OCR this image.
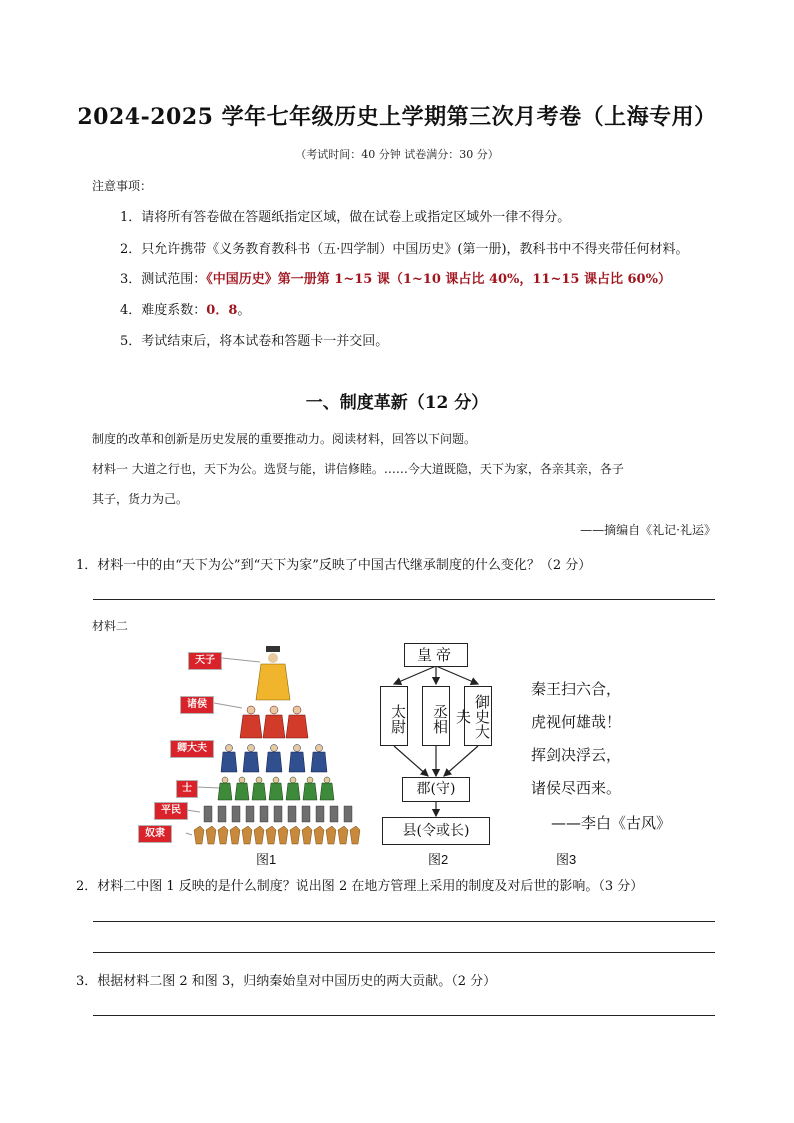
2024-2025 学年七年级历史上学期第三次月考卷（上海专用）
（考试时间：40 分钟 试卷满分：30 分）
注意事项：
1．请将所有答卷做在答题纸指定区域，做在试卷上或指定区域外一律不得分。
2．只允许携带《义务教育教科书（五·四学制）中国历史》(第一册)，教科书中不得夹带任何材料。
3．测试范围：《中国历史》第一册第 1~15 课（1~10 课占比 40%，11~15 课占比 60%）
4．难度系数：0．8。
5．考试结束后，将本试卷和答题卡一并交回。
一、制度革新（12 分）
制度的改革和创新是历史发展的重要推动力。阅读材料，回答以下问题。
材料一 大道之行也，天下为公。选贤与能，讲信修睦。……今大道既隐，天下为家，各亲其亲，各子
其子，货力为己。
——摘编自《礼记·礼运》
1．材料一中的由“天下为公”到“天下为家”反映了中国古代继承制度的什么变化？（2 分）
材料二
天子
诸侯
卿大夫
士
平民
奴隶
图1
皇帝
太尉	丞相	御史大夫
郡(守)
县(令或长)
图2
秦王扫六合，
虎视何雄哉！
挥剑决浮云，
诸侯尽西来。
——李白《古风》
图3
2．材料二中图 1 反映的是什么制度？说出图 2 在地方管理上采用的制度及对后世的影响。（3 分）
3．根据材料二图 2 和图 3，归纳秦始皇对中国历史的两大贡献。（2 分）
